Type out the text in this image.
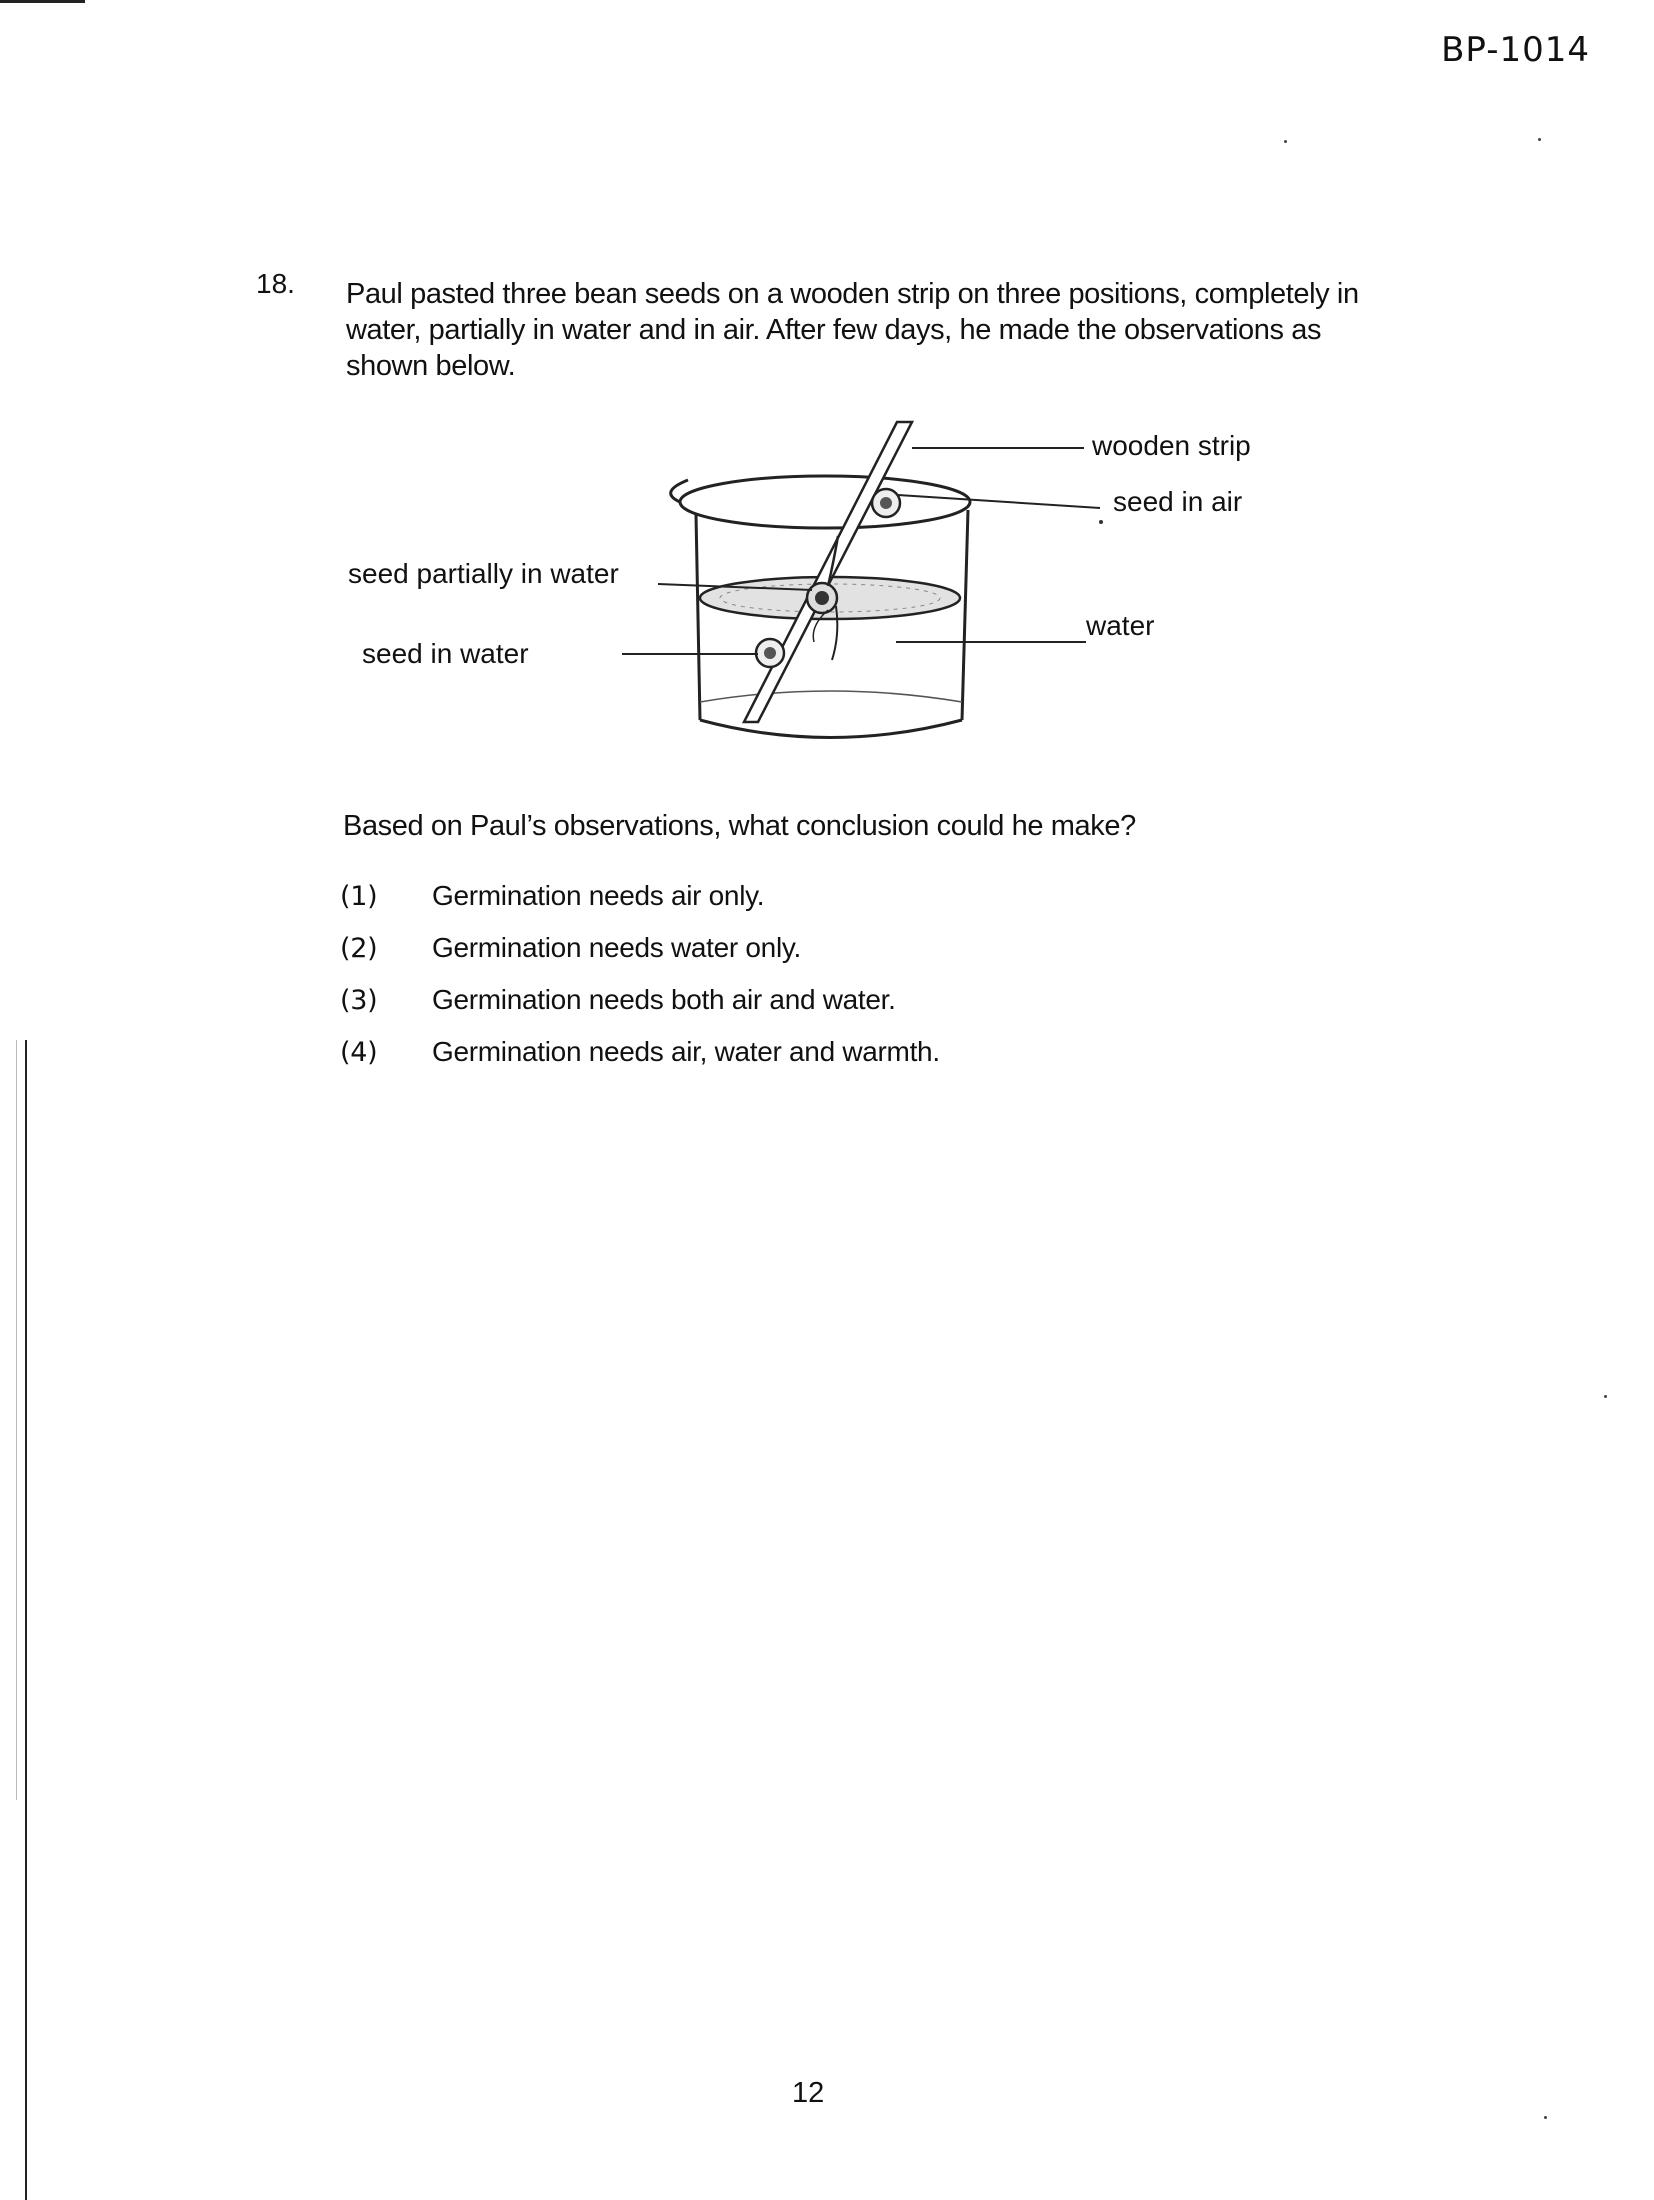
BP-1014
18. Paul pasted three bean seeds on a wooden strip on three positions, completely in water, partially in water and in air. After few days, he made the observations as shown below.
wooden strip
seed in air
seed partially in water
water
seed in water
Based on Paul’s observations, what conclusion could he make?
(1)	Germination needs air only.
(2)	Germination needs water only.
(3)	Germination needs both air and water.
(4)	Germination needs air, water and warmth.
12
